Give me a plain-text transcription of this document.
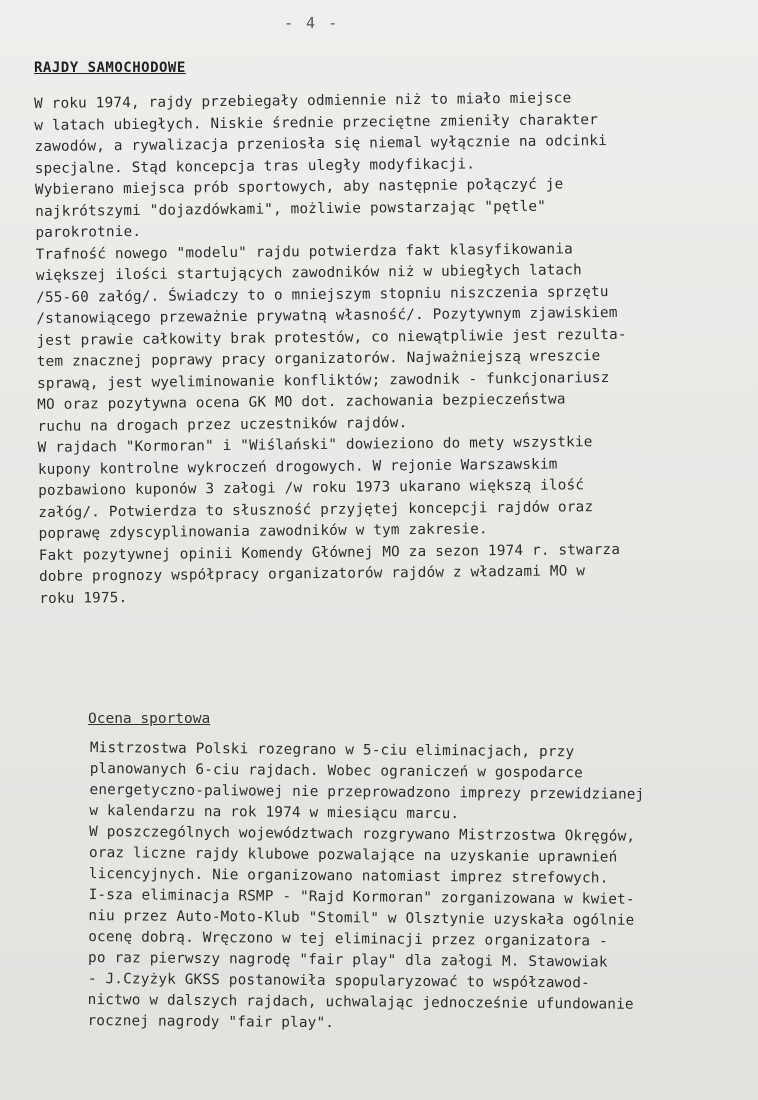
- 4 -
RAJDY SAMOCHODOWE
W roku 1974, rajdy przebiegały odmiennie niż to miało miejsce
w latach ubiegłych. Niskie średnie przeciętne zmieniły charakter
zawodów, a rywalizacja przeniosła się niemal wyłącznie na odcinki
specjalne. Stąd koncepcja tras uległy modyfikacji.
Wybierano miejsca prób sportowych, aby następnie połączyć je
najkrótszymi "dojazdówkami", możliwie powstarzając "pętle"
parokrotnie.
Trafność nowego "modelu" rajdu potwierdza fakt klasyfikowania
większej ilości startujących zawodników niż w ubiegłych latach
/55-60 załóg/. Świadczy to o mniejszym stopniu niszczenia sprzętu
/stanowiącego przeważnie prywatną własność/. Pozytywnym zjawiskiem
jest prawie całkowity brak protestów, co niewątpliwie jest rezulta-
tem znacznej poprawy pracy organizatorów. Najważniejszą wreszcie
sprawą, jest wyeliminowanie konfliktów; zawodnik - funkcjonariusz
MO oraz pozytywna ocena GK MO dot. zachowania bezpieczeństwa
ruchu na drogach przez uczestników rajdów.
W rajdach "Kormoran" i "Wiślański" dowieziono do mety wszystkie
kupony kontrolne wykroczeń drogowych. W rejonie Warszawskim
pozbawiono kuponów 3 załogi /w roku 1973 ukarano większą ilość
załóg/. Potwierdza to słuszność przyjętej koncepcji rajdów oraz
poprawę zdyscyplinowania zawodników w tym zakresie.
Fakt pozytywnej opinii Komendy Głównej MO za sezon 1974 r. stwarza
dobre prognozy współpracy organizatorów rajdów z władzami MO w
roku 1975.
Ocena sportowa
Mistrzostwa Polski rozegrano w 5-ciu eliminacjach, przy
planowanych 6-ciu rajdach. Wobec ograniczeń w gospodarce
energetyczno-paliwowej nie przeprowadzono imprezy przewidzianej
w kalendarzu na rok 1974 w miesiącu marcu.
W poszczególnych województwach rozgrywano Mistrzostwa Okręgów,
oraz liczne rajdy klubowe pozwalające na uzyskanie uprawnień
licencyjnych. Nie organizowano natomiast imprez strefowych.
I-sza eliminacja RSMP - "Rajd Kormoran" zorganizowana w kwiet-
niu przez Auto-Moto-Klub "Stomil" w Olsztynie uzyskała ogólnie
ocenę dobrą. Wręczono w tej eliminacji przez organizatora -
po raz pierwszy nagrodę "fair play" dla załogi M. Stawowiak
- J.Czyżyk GKSS postanowiła spopularyzować to współzawod-
nictwo w dalszych rajdach, uchwalając jednocześnie ufundowanie
rocznej nagrody "fair play".
